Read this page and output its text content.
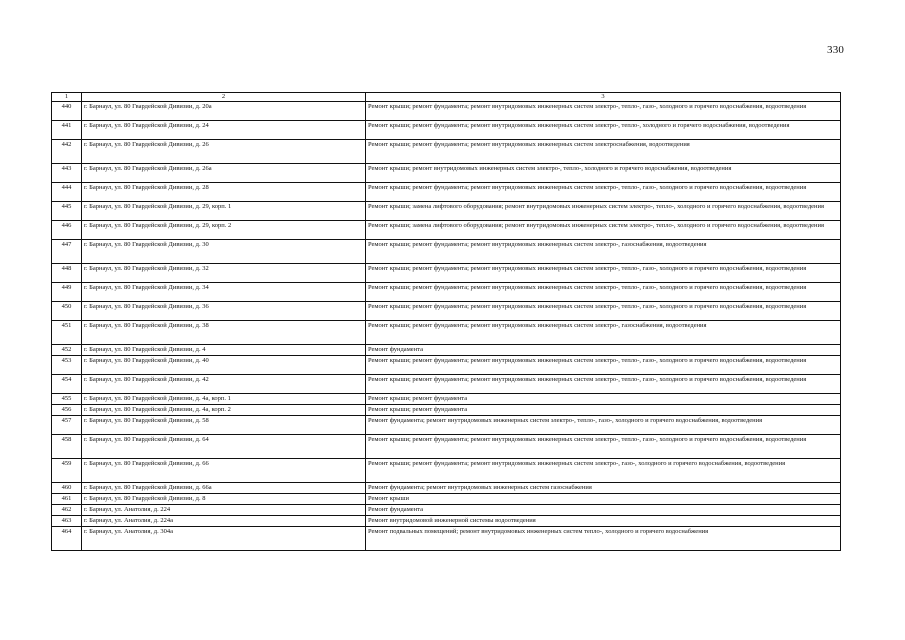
330
1	2	3
440	г. Барнаул, ул. 80 Гвардейской Дивизии, д. 20а	Ремонт крыши; ремонт фундамента; ремонт внутридомовых инженерных систем электро-, тепло-, газо-, холодного и горячего водоснабжения, водоотведения
441	г. Барнаул, ул. 80 Гвардейской Дивизии, д. 24	Ремонт крыши; ремонт фундамента; ремонт внутридомовых инженерных систем электро-, тепло-, холодного и горячего водоснабжения, водоотведения
442	г. Барнаул, ул. 80 Гвардейской Дивизии, д. 26	Ремонт крыши; ремонт фундамента; ремонт внутридомовых инженерных систем электроснабжения, водоотведения
443	г. Барнаул, ул. 80 Гвардейской Дивизии, д. 26а	Ремонт крыши; ремонт внутридомовых инженерных систем электро-, тепло-, холодного и горячего водоснабжения, водоотведения
444	г. Барнаул, ул. 80 Гвардейской Дивизии, д. 28	Ремонт крыши; ремонт фундамента; ремонт внутридомовых инженерных систем электро-, тепло-, газо-, холодного и горячего водоснабжения, водоотведения
445	г. Барнаул, ул. 80 Гвардейской Дивизии, д. 29, корп. 1	Ремонт крыши; замена лифтового оборудования; ремонт внутридомовых инженерных систем электро-, тепло-, холодного и горячего водоснабжения, водоотведения
446	г. Барнаул, ул. 80 Гвардейской Дивизии, д. 29, корп. 2	Ремонт крыши; замена лифтового оборудования; ремонт внутридомовых инженерных систем электро-, тепло-, холодного и горячего водоснабжения, водоотведения
447	г. Барнаул, ул. 80 Гвардейской Дивизии, д. 30	Ремонт крыши; ремонт фундамента; ремонт внутридомовых инженерных систем электро-, газоснабжения, водоотведения
448	г. Барнаул, ул. 80 Гвардейской Дивизии, д. 32	Ремонт крыши; ремонт фундамента; ремонт внутридомовых инженерных систем электро-, тепло-, газо-, холодного и горячего водоснабжения, водоотведения
449	г. Барнаул, ул. 80 Гвардейской Дивизии, д. 34	Ремонт крыши; ремонт фундамента; ремонт внутридомовых инженерных систем электро-, тепло-, газо-, холодного и горячего водоснабжения, водоотведения
450	г. Барнаул, ул. 80 Гвардейской Дивизии, д. 36	Ремонт крыши; ремонт фундамента; ремонт внутридомовых инженерных систем электро-, тепло-, газо-, холодного и горячего водоснабжения, водоотведения
451	г. Барнаул, ул. 80 Гвардейской Дивизии, д. 38	Ремонт крыши; ремонт фундамента; ремонт внутридомовых инженерных систем электро-, газоснабжения, водоотведения
452	г. Барнаул, ул. 80 Гвардейской Дивизии, д. 4	Ремонт фундамента
453	г. Барнаул, ул. 80 Гвардейской Дивизии, д. 40	Ремонт крыши; ремонт фундамента; ремонт внутридомовых инженерных систем электро-, тепло-, газо-, холодного и горячего водоснабжения, водоотведения
454	г. Барнаул, ул. 80 Гвардейской Дивизии, д. 42	Ремонт крыши; ремонт фундамента; ремонт внутридомовых инженерных систем электро-, тепло-, газо-, холодного и горячего водоснабжения, водоотведения
455	г. Барнаул, ул. 80 Гвардейской Дивизии, д. 4а, корп. 1	Ремонт крыши; ремонт фундамента
456	г. Барнаул, ул. 80 Гвардейской Дивизии, д. 4а, корп. 2	Ремонт крыши; ремонт фундамента
457	г. Барнаул, ул. 80 Гвардейской Дивизии, д. 58	Ремонт фундамента; ремонт внутридомовых инженерных систем электро-, тепло-, газо-, холодного и горячего водоснабжения, водоотведения
458	г. Барнаул, ул. 80 Гвардейской Дивизии, д. 64	Ремонт крыши; ремонт фундамента; ремонт внутридомовых инженерных систем электро-, тепло-, газо-, холодного и горячего водоснабжения, водоотведения
459	г. Барнаул, ул. 80 Гвардейской Дивизии, д. 66	Ремонт крыши; ремонт фундамента; ремонт внутридомовых инженерных систем электро-, газо-, холодного и горячего водоснабжения, водоотведения
460	г. Барнаул, ул. 80 Гвардейской Дивизии, д. 66а	Ремонт фундамента; ремонт внутридомовых инженерных систем газоснабжения
461	г. Барнаул, ул. 80 Гвардейской Дивизии, д. 8	Ремонт крыши
462	г. Барнаул, ул. Анатолия, д. 224	Ремонт фундамента
463	г. Барнаул, ул. Анатолия, д. 224а	Ремонт внутридомовой инженерной системы водоотведения
464	г. Барнаул, ул. Анатолия, д. 304а	Ремонт подвальных помещений; ремонт внутридомовых инженерных систем тепло-, холодного и горячего водоснабжения
